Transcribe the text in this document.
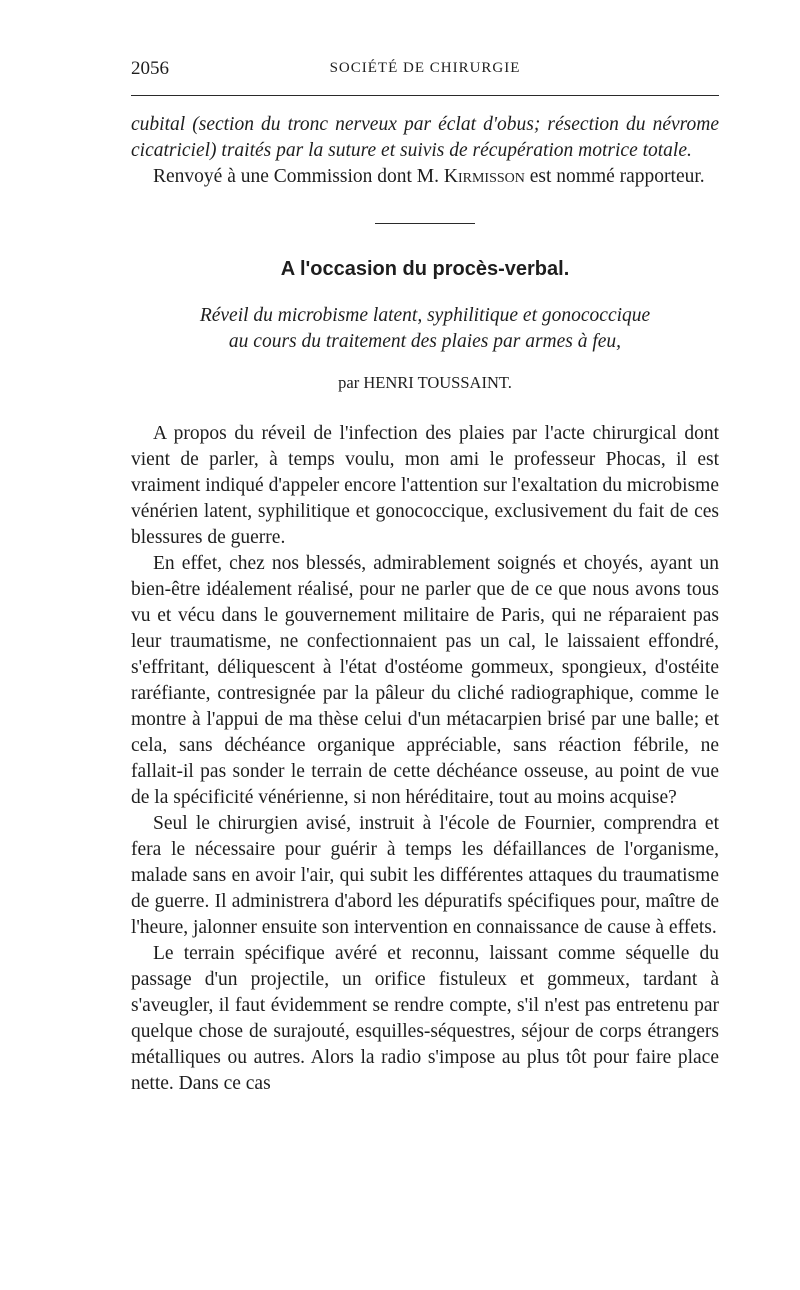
2056	SOCIÉTÉ DE CHIRURGIE

cubital (section du tronc nerveux par éclat d'obus; résection du névrome cicatriciel) traités par la suture et suivis de récupération motrice totale.

Renvoyé à une Commission dont M. Kirmisson est nommé rapporteur.

A l'occasion du procès-verbal.
Réveil du microbisme latent, syphilitique et gonococcique
au cours du traitement des plaies par armes à feu,
par HENRI TOUSSAINT.

A propos du réveil de l'infection des plaies par l'acte chirurgical dont vient de parler, à temps voulu, mon ami le professeur Phocas, il est vraiment indiqué d'appeler encore l'attention sur l'exaltation du microbisme vénérien latent, syphilitique et gonococcique, exclusivement du fait de ces blessures de guerre.

En effet, chez nos blessés, admirablement soignés et choyés, ayant un bien-être idéalement réalisé, pour ne parler que de ce que nous avons tous vu et vécu dans le gouvernement militaire de Paris, qui ne réparaient pas leur traumatisme, ne confectionnaient pas un cal, le laissaient effondré, s'effritant, déliquescent à l'état d'ostéome gommeux, spongieux, d'ostéite raréfiante, contresignée par la pâleur du cliché radiographique, comme le montre à l'appui de ma thèse celui d'un métacarpien brisé par une balle; et cela, sans déchéance organique appréciable, sans réaction fébrile, ne fallait-il pas sonder le terrain de cette déchéance osseuse, au point de vue de la spécificité vénérienne, si non héréditaire, tout au moins acquise?

Seul le chirurgien avisé, instruit à l'école de Fournier, comprendra et fera le nécessaire pour guérir à temps les défaillances de l'organisme, malade sans en avoir l'air, qui subit les différentes attaques du traumatisme de guerre. Il administrera d'abord les dépuratifs spécifiques pour, maître de l'heure, jalonner ensuite son intervention en connaissance de cause à effets.

Le terrain spécifique avéré et reconnu, laissant comme séquelle du passage d'un projectile, un orifice fistuleux et gommeux, tardant à s'aveugler, il faut évidemment se rendre compte, s'il n'est pas entretenu par quelque chose de surajouté, esquilles-séquestres, séjour de corps étrangers métalliques ou autres. Alors la radio s'impose au plus tôt pour faire place nette. Dans ce cas
